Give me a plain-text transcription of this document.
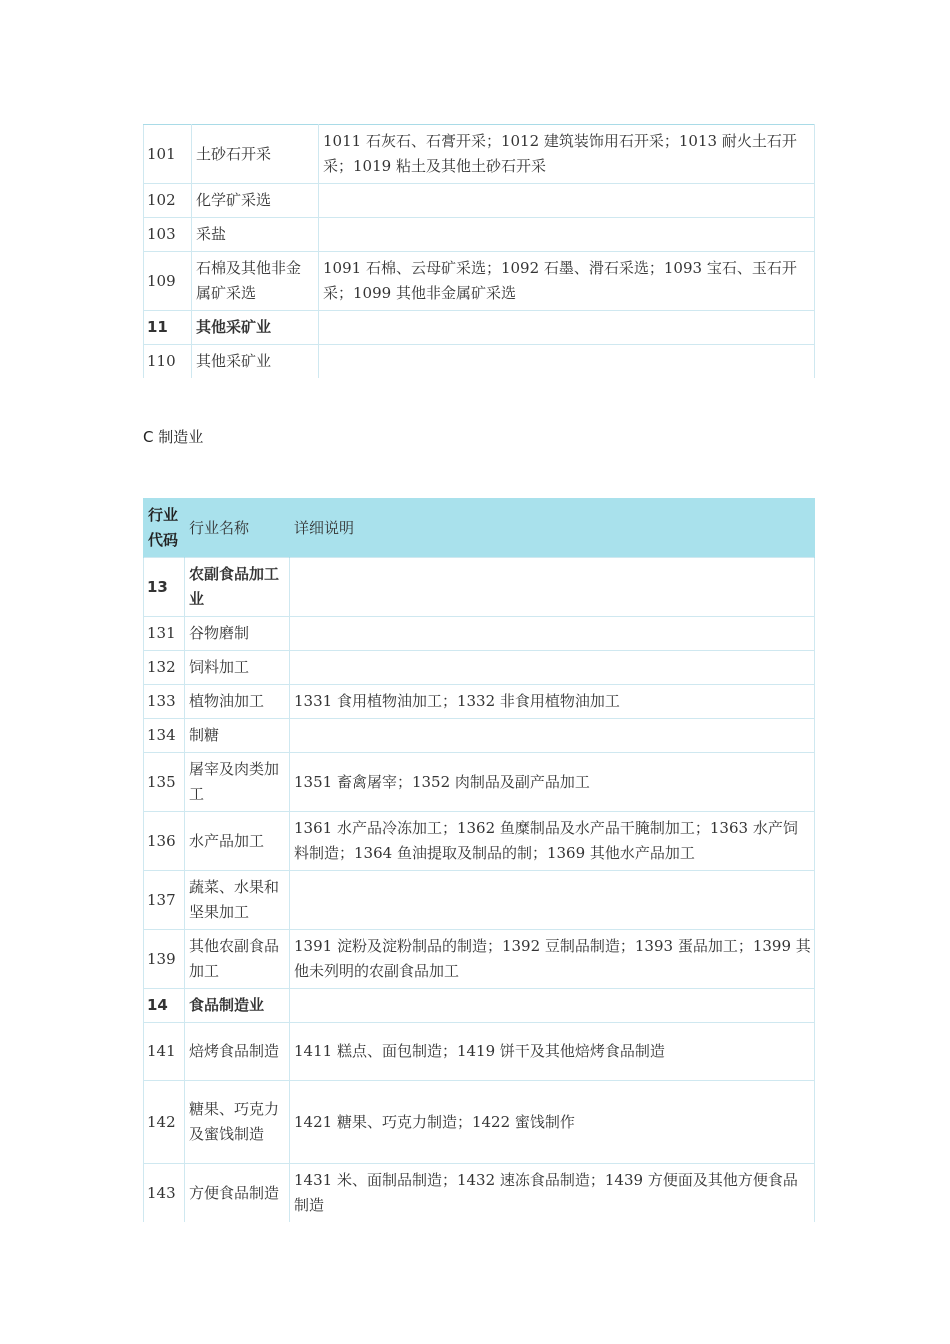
101	土砂石开采	1011 石灰石、石膏开采；1012 建筑装饰用石开采；1013 耐火土石开采；1019 粘土及其他土砂石开采
102	化学矿采选	
103	采盐	
109	石棉及其他非金属矿采选	1091 石棉、云母矿采选；1092 石墨、滑石采选；1093 宝石、玉石开采；1099 其他非金属矿采选
11	其他采矿业	
110	其他采矿业	
C 制造业
行业代码	行业名称	详细说明
13	农副食品加工业	
131	谷物磨制	
132	饲料加工	
133	植物油加工	1331 食用植物油加工；1332 非食用植物油加工
134	制糖	
135	屠宰及肉类加工	1351 畜禽屠宰；1352 肉制品及副产品加工
136	水产品加工	1361 水产品冷冻加工；1362 鱼糜制品及水产品干腌制加工；1363 水产饲料制造；1364 鱼油提取及制品的制；1369 其他水产品加工
137	蔬菜、水果和坚果加工	
139	其他农副食品加工	1391 淀粉及淀粉制品的制造；1392 豆制品制造；1393 蛋品加工；1399 其他未列明的农副食品加工
14	食品制造业	
141	焙烤食品制造	1411 糕点、面包制造；1419 饼干及其他焙烤食品制造
142	糖果、巧克力及蜜饯制造	1421 糖果、巧克力制造；1422 蜜饯制作
143	方便食品制造	1431 米、面制品制造；1432 速冻食品制造；1439 方便面及其他方便食品制造
